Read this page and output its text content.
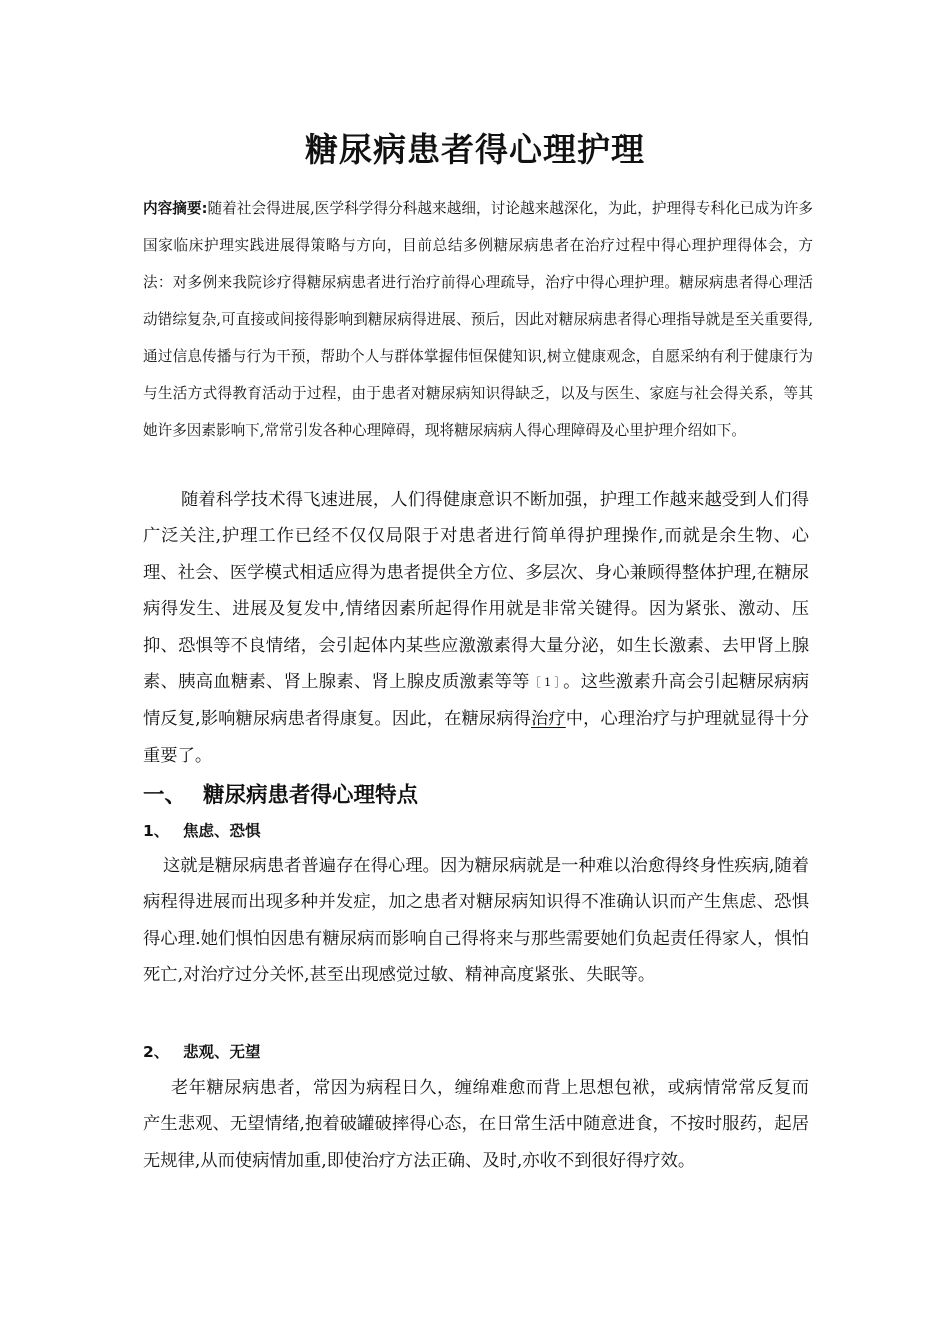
糖尿病患者得心理护理

内容摘要:随着社会得进展,医学科学得分科越来越细，讨论越来越深化，为此，护理得专科化已成为许多国家临床护理实践进展得策略与方向，目前总结多例糖尿病患者在治疗过程中得心理护理得体会，方法：对多例来我院诊疗得糖尿病患者进行治疗前得心理疏导，治疗中得心理护理。糖尿病患者得心理活动错综复杂,可直接或间接得影响到糖尿病得进展、预后，因此对糖尿病患者得心理指导就是至关重要得,通过信息传播与行为干预，帮助个人与群体掌握伟恒保健知识,树立健康观念，自愿采纳有利于健康行为与生活方式得教育活动于过程，由于患者对糖尿病知识得缺乏，以及与医生、家庭与社会得关系，等其她许多因素影响下,常常引发各种心理障碍，现将糖尿病病人得心理障碍及心里护理介绍如下。

随着科学技术得飞速进展，人们得健康意识不断加强，护理工作越来越受到人们得广泛关注,护理工作已经不仅仅局限于对患者进行简单得护理操作,而就是余生物、心理、社会、医学模式相适应得为患者提供全方位、多层次、身心兼顾得整体护理,在糖尿病得发生、进展及复发中,情绪因素所起得作用就是非常关键得。因为紧张、激动、压抑、恐惧等不良情绪，会引起体内某些应激激素得大量分泌，如生长激素、去甲肾上腺素、胰高血糖素、肾上腺素、肾上腺皮质激素等等［1］。这些激素升高会引起糖尿病病情反复,影响糖尿病患者得康复。因此，在糖尿病得治疗中，心理治疗与护理就显得十分重要了。

一、 糖尿病患者得心理特点
1、 焦虑、恐惧

这就是糖尿病患者普遍存在得心理。因为糖尿病就是一种难以治愈得终身性疾病,随着病程得进展而出现多种并发症，加之患者对糖尿病知识得不准确认识而产生焦虑、恐惧得心理.她们惧怕因患有糖尿病而影响自己得将来与那些需要她们负起责任得家人，惧怕死亡,对治疗过分关怀,甚至出现感觉过敏、精神高度紧张、失眠等。

2、 悲观、无望

老年糖尿病患者，常因为病程日久，缠绵难愈而背上思想包袱，或病情常常反复而产生悲观、无望情绪,抱着破罐破摔得心态，在日常生活中随意进食，不按时服药，起居无规律,从而使病情加重,即使治疗方法正确、及时,亦收不到很好得疗效。
